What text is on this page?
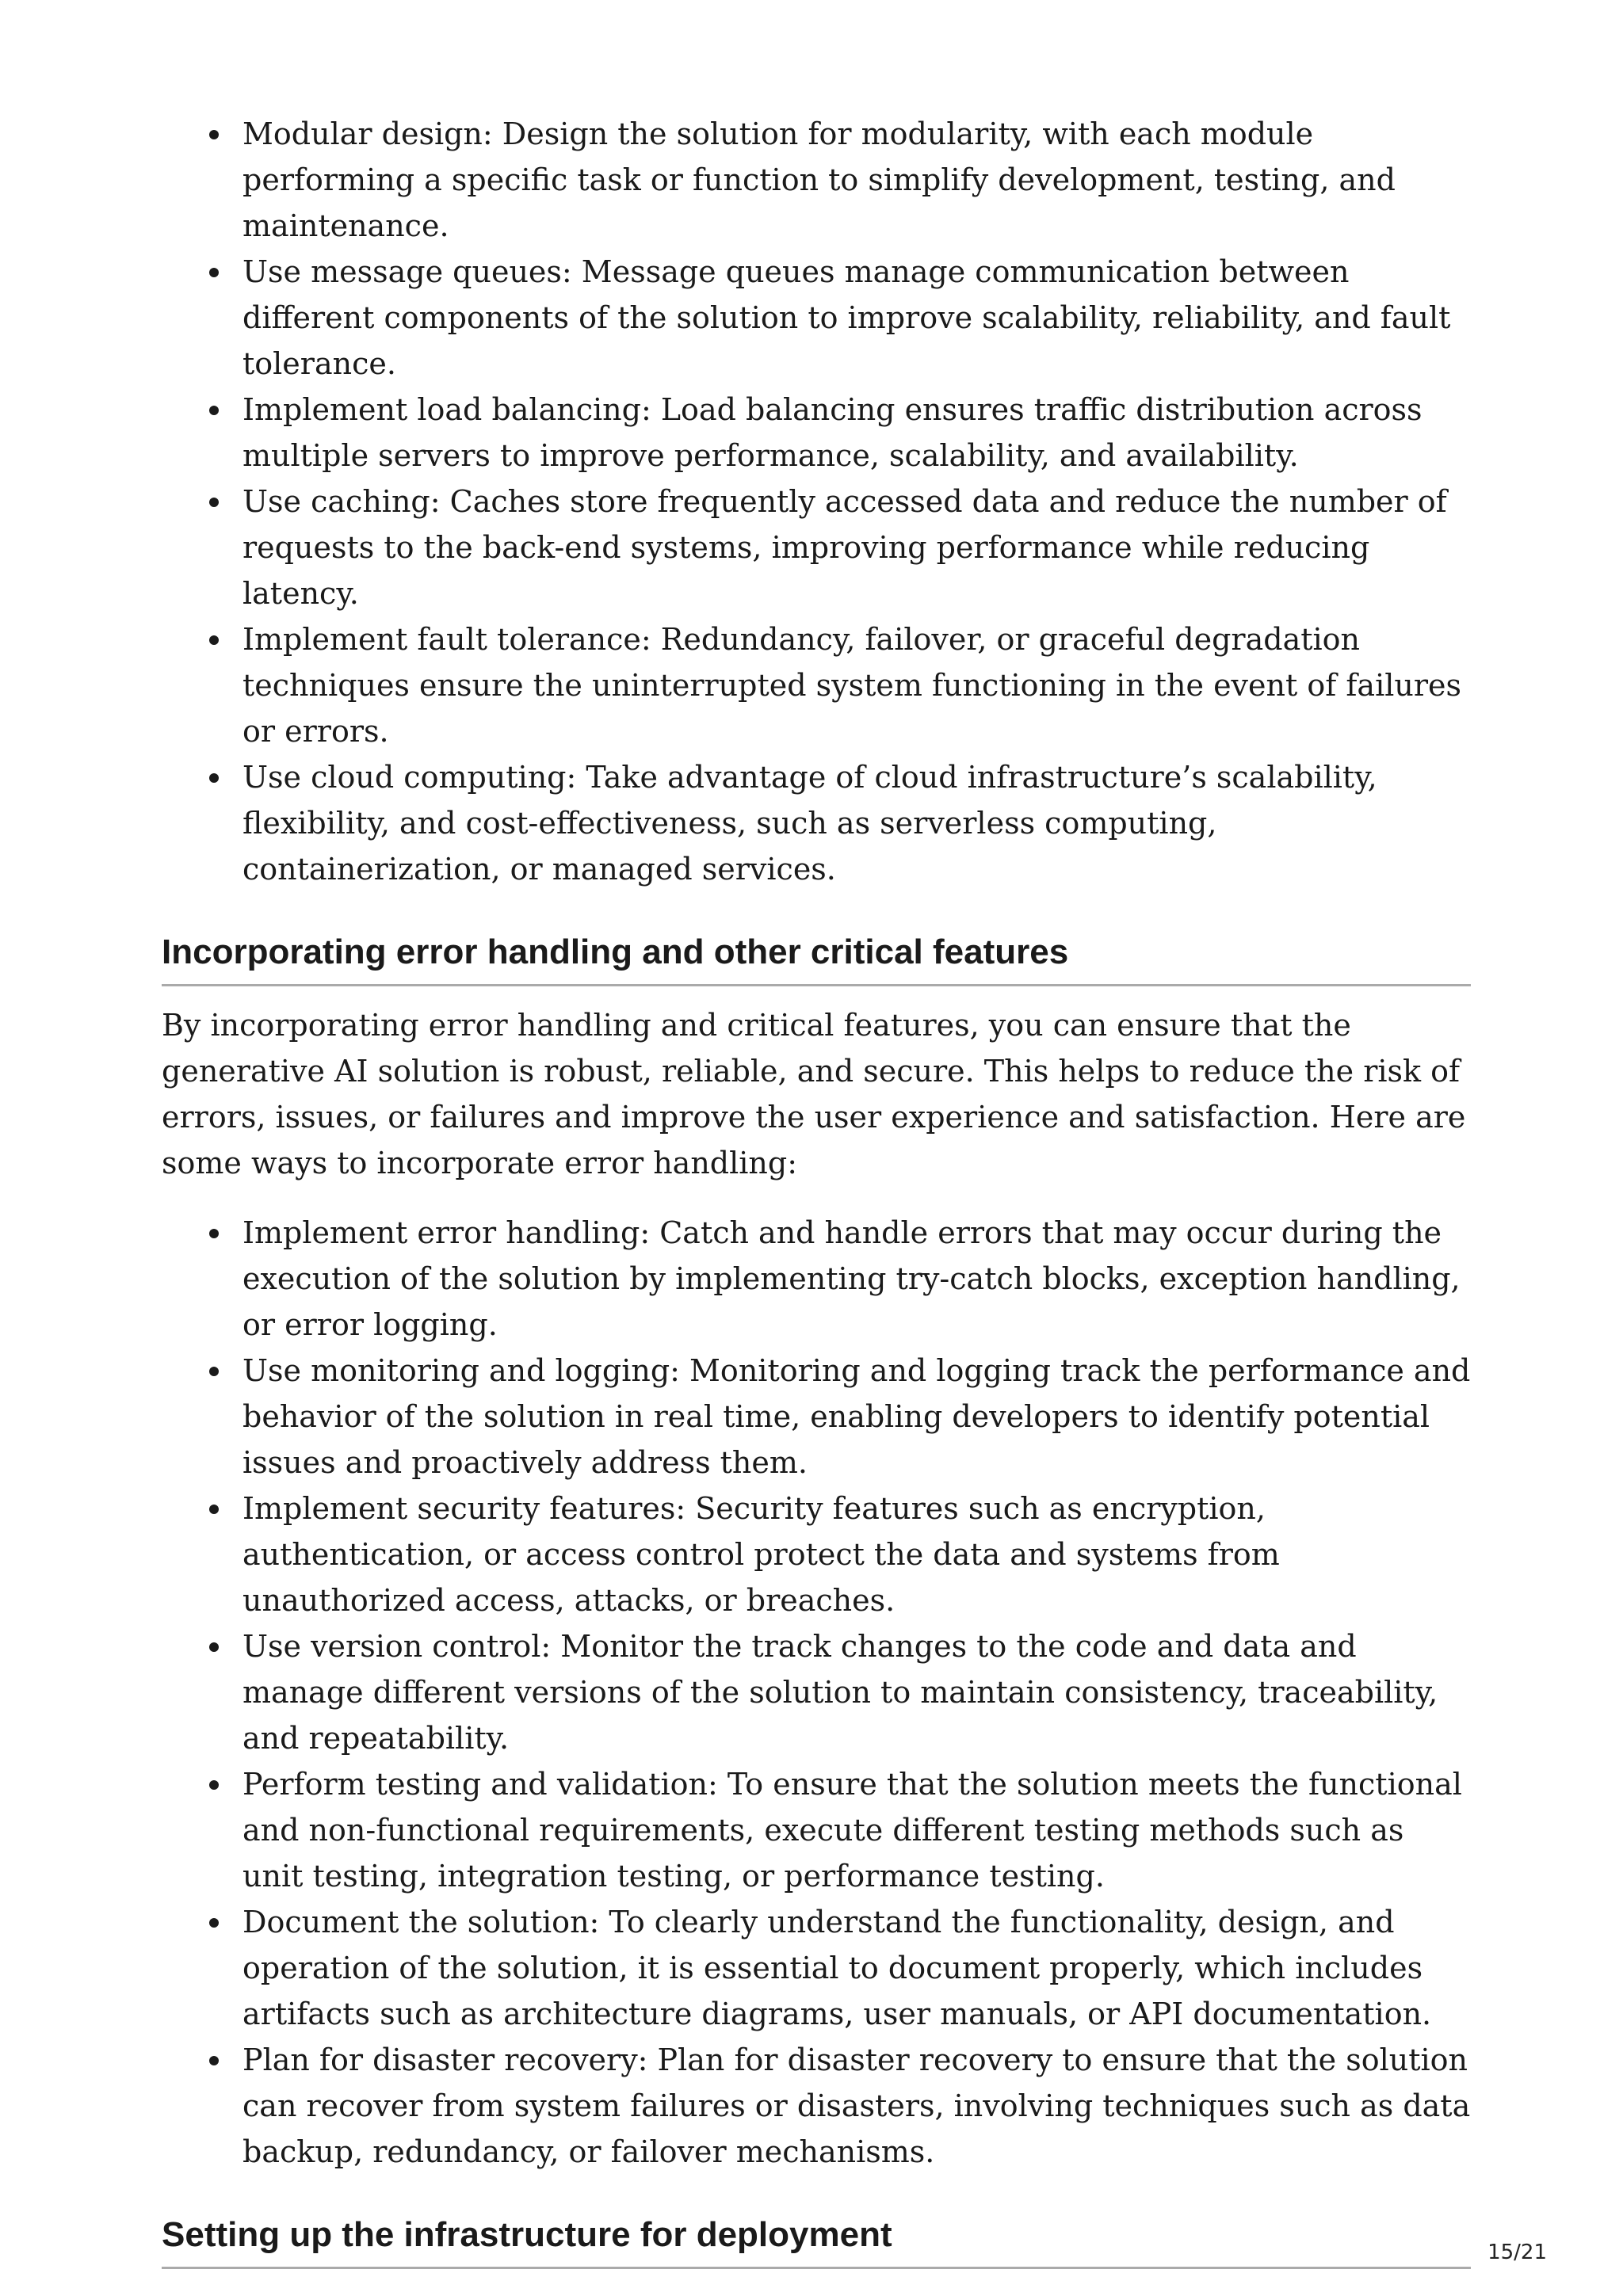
Modular design: Design the solution for modularity, with each module performing a specific task or function to simplify development, testing, and maintenance.
Use message queues: Message queues manage communication between different components of the solution to improve scalability, reliability, and fault tolerance.
Implement load balancing: Load balancing ensures traffic distribution across multiple servers to improve performance, scalability, and availability.
Use caching: Caches store frequently accessed data and reduce the number of requests to the back-end systems, improving performance while reducing latency.
Implement fault tolerance: Redundancy, failover, or graceful degradation techniques ensure the uninterrupted system functioning in the event of failures or errors.
Use cloud computing: Take advantage of cloud infrastructure’s scalability, flexibility, and cost-effectiveness, such as serverless computing, containerization, or managed services.
Incorporating error handling and other critical features

By incorporating error handling and critical features, you can ensure that the generative AI solution is robust, reliable, and secure. This helps to reduce the risk of errors, issues, or failures and improve the user experience and satisfaction. Here are some ways to incorporate error handling:

Implement error handling: Catch and handle errors that may occur during the execution of the solution by implementing try-catch blocks, exception handling, or error logging.
Use monitoring and logging: Monitoring and logging track the performance and behavior of the solution in real time, enabling developers to identify potential issues and proactively address them.
Implement security features: Security features such as encryption, authentication, or access control protect the data and systems from unauthorized access, attacks, or breaches.
Use version control: Monitor the track changes to the code and data and manage different versions of the solution to maintain consistency, traceability, and repeatability.
Perform testing and validation: To ensure that the solution meets the functional and non-functional requirements, execute different testing methods such as unit testing, integration testing, or performance testing.
Document the solution: To clearly understand the functionality, design, and operation of the solution, it is essential to document properly, which includes artifacts such as architecture diagrams, user manuals, or API documentation.
Plan for disaster recovery: Plan for disaster recovery to ensure that the solution can recover from system failures or disasters, involving techniques such as data backup, redundancy, or failover mechanisms.
Setting up the infrastructure for deployment	15/21
